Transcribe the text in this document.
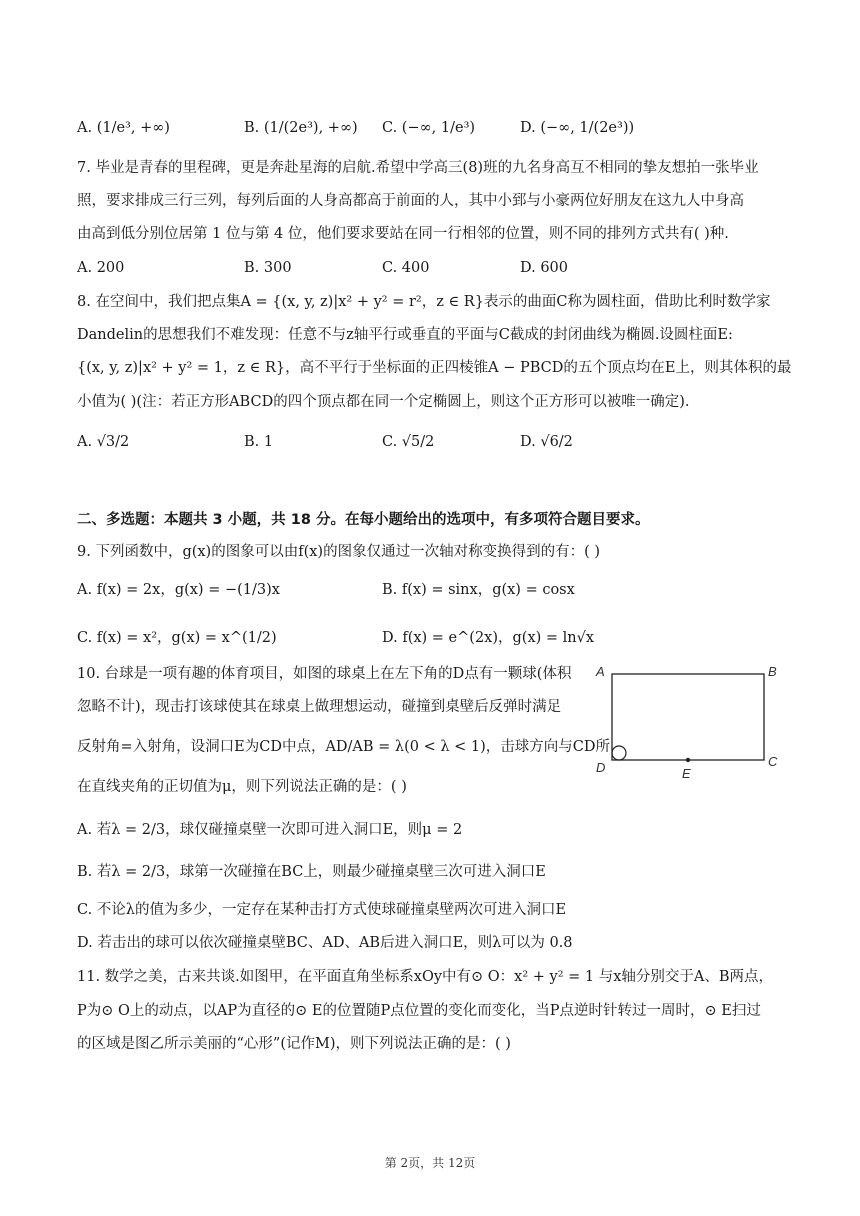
A. (1/e³, +∞)	B. (1/(2e³), +∞) C. (−∞, 1/e³)	D. (−∞, 1/(2e³))
7. 毕业是青春的里程碑，更是奔赴星海的启航.希望中学高三(8)班的九名身高互不相同的挚友想拍一张毕业
照，要求排成三行三列，每列后面的人身高都高于前面的人，其中小郅与小豪两位好朋友在这九人中身高
由高到低分别位居第 1 位与第 4 位，他们要求要站在同一行相邻的位置，则不同的排列方式共有( )种.
A. 200	B. 300	C. 400	D. 600
8. 在空间中，我们把点集A = {(x, y, z)|x² + y² = r²，z ∈ R}表示的曲面C称为圆柱面，借助比利时数学家
Dandelin的思想我们不难发现：任意不与z轴平行或垂直的平面与C截成的封闭曲线为椭圆.设圆柱面E:
{(x, y, z)|x² + y² = 1，z ∈ R}，高不平行于坐标面的正四棱锥A − PBCD的五个顶点均在E上，则其体积的最
小值为( )(注：若正方形ABCD的四个顶点都在同一个定椭圆上，则这个正方形可以被唯一确定).
A. √3/2	B. 1	C. √5/2	D. √6/2
二、多选题：本题共 3 小题，共 18 分。在每小题给出的选项中，有多项符合题目要求。
9. 下列函数中，g(x)的图象可以由f(x)的图象仅通过一次轴对称变换得到的有：( )
A. f(x) = 2x，g(x) = −(1/3)x	B. f(x) = sinx，g(x) = cosx
C. f(x) = x²，g(x) = x^(1/2)	D. f(x) = e^(2x)，g(x) = ln√x
10. 台球是一项有趣的体育项目，如图的球桌上在左下角的D点有一颗球(体积
忽略不计)，现击打该球使其在球桌上做理想运动，碰撞到桌壁后反弹时满足
反射角=入射角，设洞口E为CD中点，AD/AB = λ(0 < λ < 1)，击球方向与CD所
在直线夹角的正切值为μ，则下列说法正确的是：( )
A	B
C
D	E
A. 若λ = 2/3，球仅碰撞桌壁一次即可进入洞口E，则μ = 2
B. 若λ = 2/3，球第一次碰撞在BC上，则最少碰撞桌壁三次可进入洞口E
C. 不论λ的值为多少，一定存在某种击打方式使球碰撞桌壁两次可进入洞口E
D. 若击出的球可以依次碰撞桌壁BC、AD、AB后进入洞口E，则λ可以为 0.8
11. 数学之美，古来共谈.如图甲，在平面直角坐标系xOy中有⊙ O：x² + y² = 1 与x轴分别交于A、B两点，
P为⊙ O上的动点，以AP为直径的⊙ E的位置随P点位置的变化而变化，当P点逆时针转过一周时，⊙ E扫过
的区域是图乙所示美丽的“心形”(记作M)，则下列说法正确的是：( )
第 2页，共 12页
